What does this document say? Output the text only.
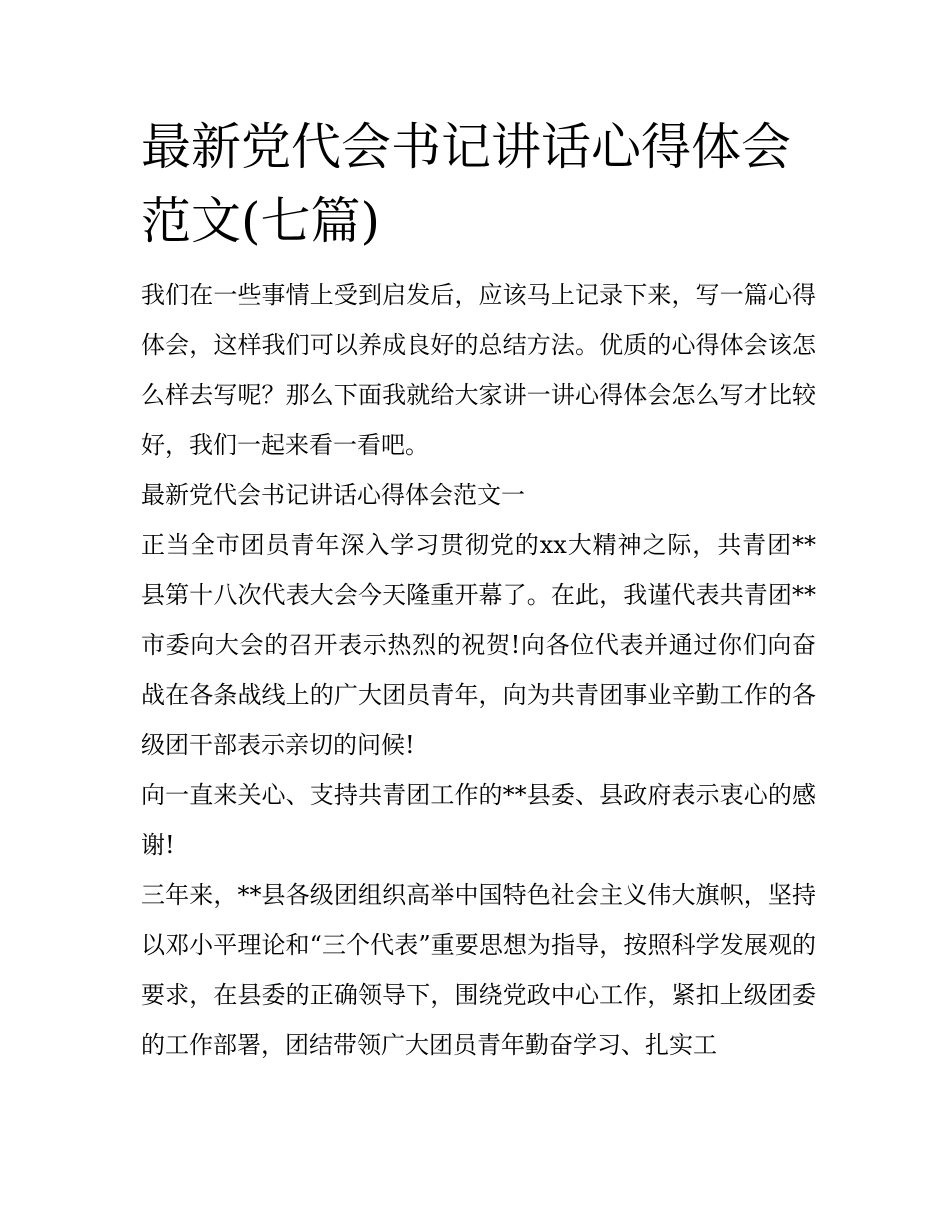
最新党代会书记讲话心得体会范文(七篇)

我们在一些事情上受到启发后，应该马上记录下来，写一篇心得体会，这样我们可以养成良好的总结方法。优质的心得体会该怎么样去写呢？那么下面我就给大家讲一讲心得体会怎么写才比较好，我们一起来看一看吧。

最新党代会书记讲话心得体会范文一

正当全市团员青年深入学习贯彻党的xx大精神之际，共青团**县第十八次代表大会今天隆重开幕了。在此，我谨代表共青团**市委向大会的召开表示热烈的祝贺!向各位代表并通过你们向奋战在各条战线上的广大团员青年，向为共青团事业辛勤工作的各级团干部表示亲切的问候!

向一直来关心、支持共青团工作的**县委、县政府表示衷心的感谢!

三年来，**县各级团组织高举中国特色社会主义伟大旗帜，坚持以邓小平理论和“三个代表”重要思想为指导，按照科学发展观的要求，在县委的正确领导下，围绕党政中心工作，紧扣上级团委的工作部署，团结带领广大团员青年勤奋学习、扎实工
